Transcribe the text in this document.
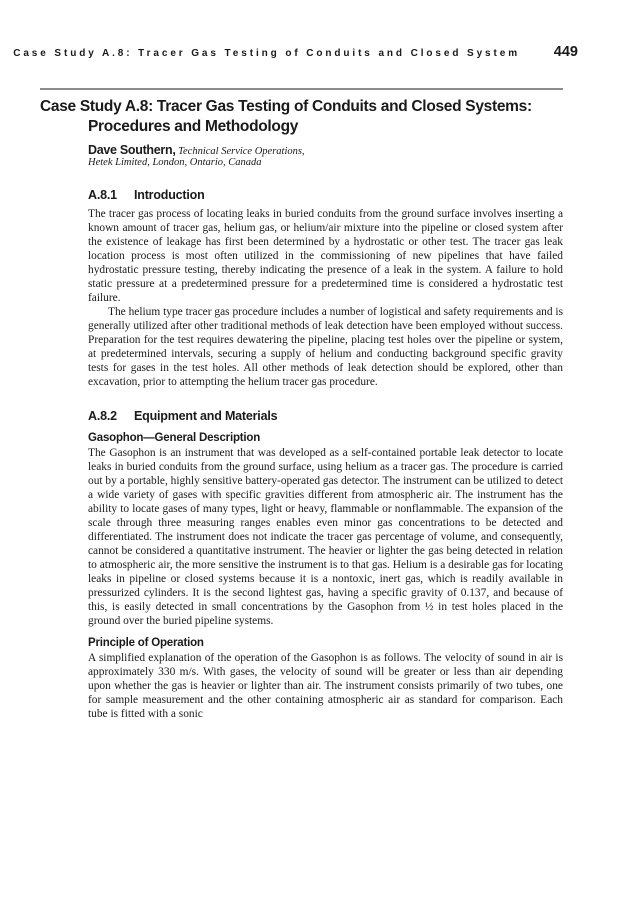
Case Study A.8: Tracer Gas Testing of Conduits and Closed System 449
Case Study A.8: Tracer Gas Testing of Conduits and Closed Systems:
Procedures and Methodology
Dave Southern, Technical Service Operations,
Hetek Limited, London, Ontario, Canada
A.8.1 Introduction

The tracer gas process of locating leaks in buried conduits from the ground surface involves inserting a known amount of tracer gas, helium gas, or helium/air mixture into the pipeline or closed system after the existence of leakage has first been determined by a hydrostatic or other test. The tracer gas leak location process is most often utilized in the commissioning of new pipelines that have failed hydrostatic pressure testing, thereby indicating the presence of a leak in the system. A failure to hold static pressure at a predetermined pressure for a predetermined time is considered a hydrostatic test failure.

The helium type tracer gas procedure includes a number of logistical and safety requirements and is generally utilized after other traditional methods of leak detection have been employed without success. Preparation for the test requires dewatering the pipeline, placing test holes over the pipeline or system, at predetermined intervals, securing a supply of helium and conducting background specific gravity tests for gases in the test holes. All other methods of leak detection should be explored, other than excavation, prior to attempting the helium tracer gas procedure.

A.8.2 Equipment and Materials
Gasophon—General Description

The Gasophon is an instrument that was developed as a self-contained portable leak detector to locate leaks in buried conduits from the ground surface, using helium as a tracer gas. The procedure is carried out by a portable, highly sensitive battery-operated gas detector. The instrument can be utilized to detect a wide variety of gases with specific gravities different from atmospheric air. The instrument has the ability to locate gases of many types, light or heavy, flammable or nonflammable. The expansion of the scale through three measuring ranges enables even minor gas concentrations to be detected and differentiated. The instrument does not indicate the tracer gas percentage of volume, and consequently, cannot be considered a quantitative instrument. The heavier or lighter the gas being detected in relation to atmospheric air, the more sensitive the instrument is to that gas. Helium is a desirable gas for locating leaks in pipeline or closed systems because it is a nontoxic, inert gas, which is readily available in pressurized cylinders. It is the second lightest gas, having a specific gravity of 0.137, and because of this, is easily detected in small concentrations by the Gasophon from ½ in test holes placed in the ground over the buried pipeline systems.

Principle of Operation

A simplified explanation of the operation of the Gasophon is as follows. The velocity of sound in air is approximately 330 m/s. With gases, the velocity of sound will be greater or less than air depending upon whether the gas is heavier or lighter than air. The instrument consists primarily of two tubes, one for sample measurement and the other containing atmospheric air as standard for comparison. Each tube is fitted with a sonic
